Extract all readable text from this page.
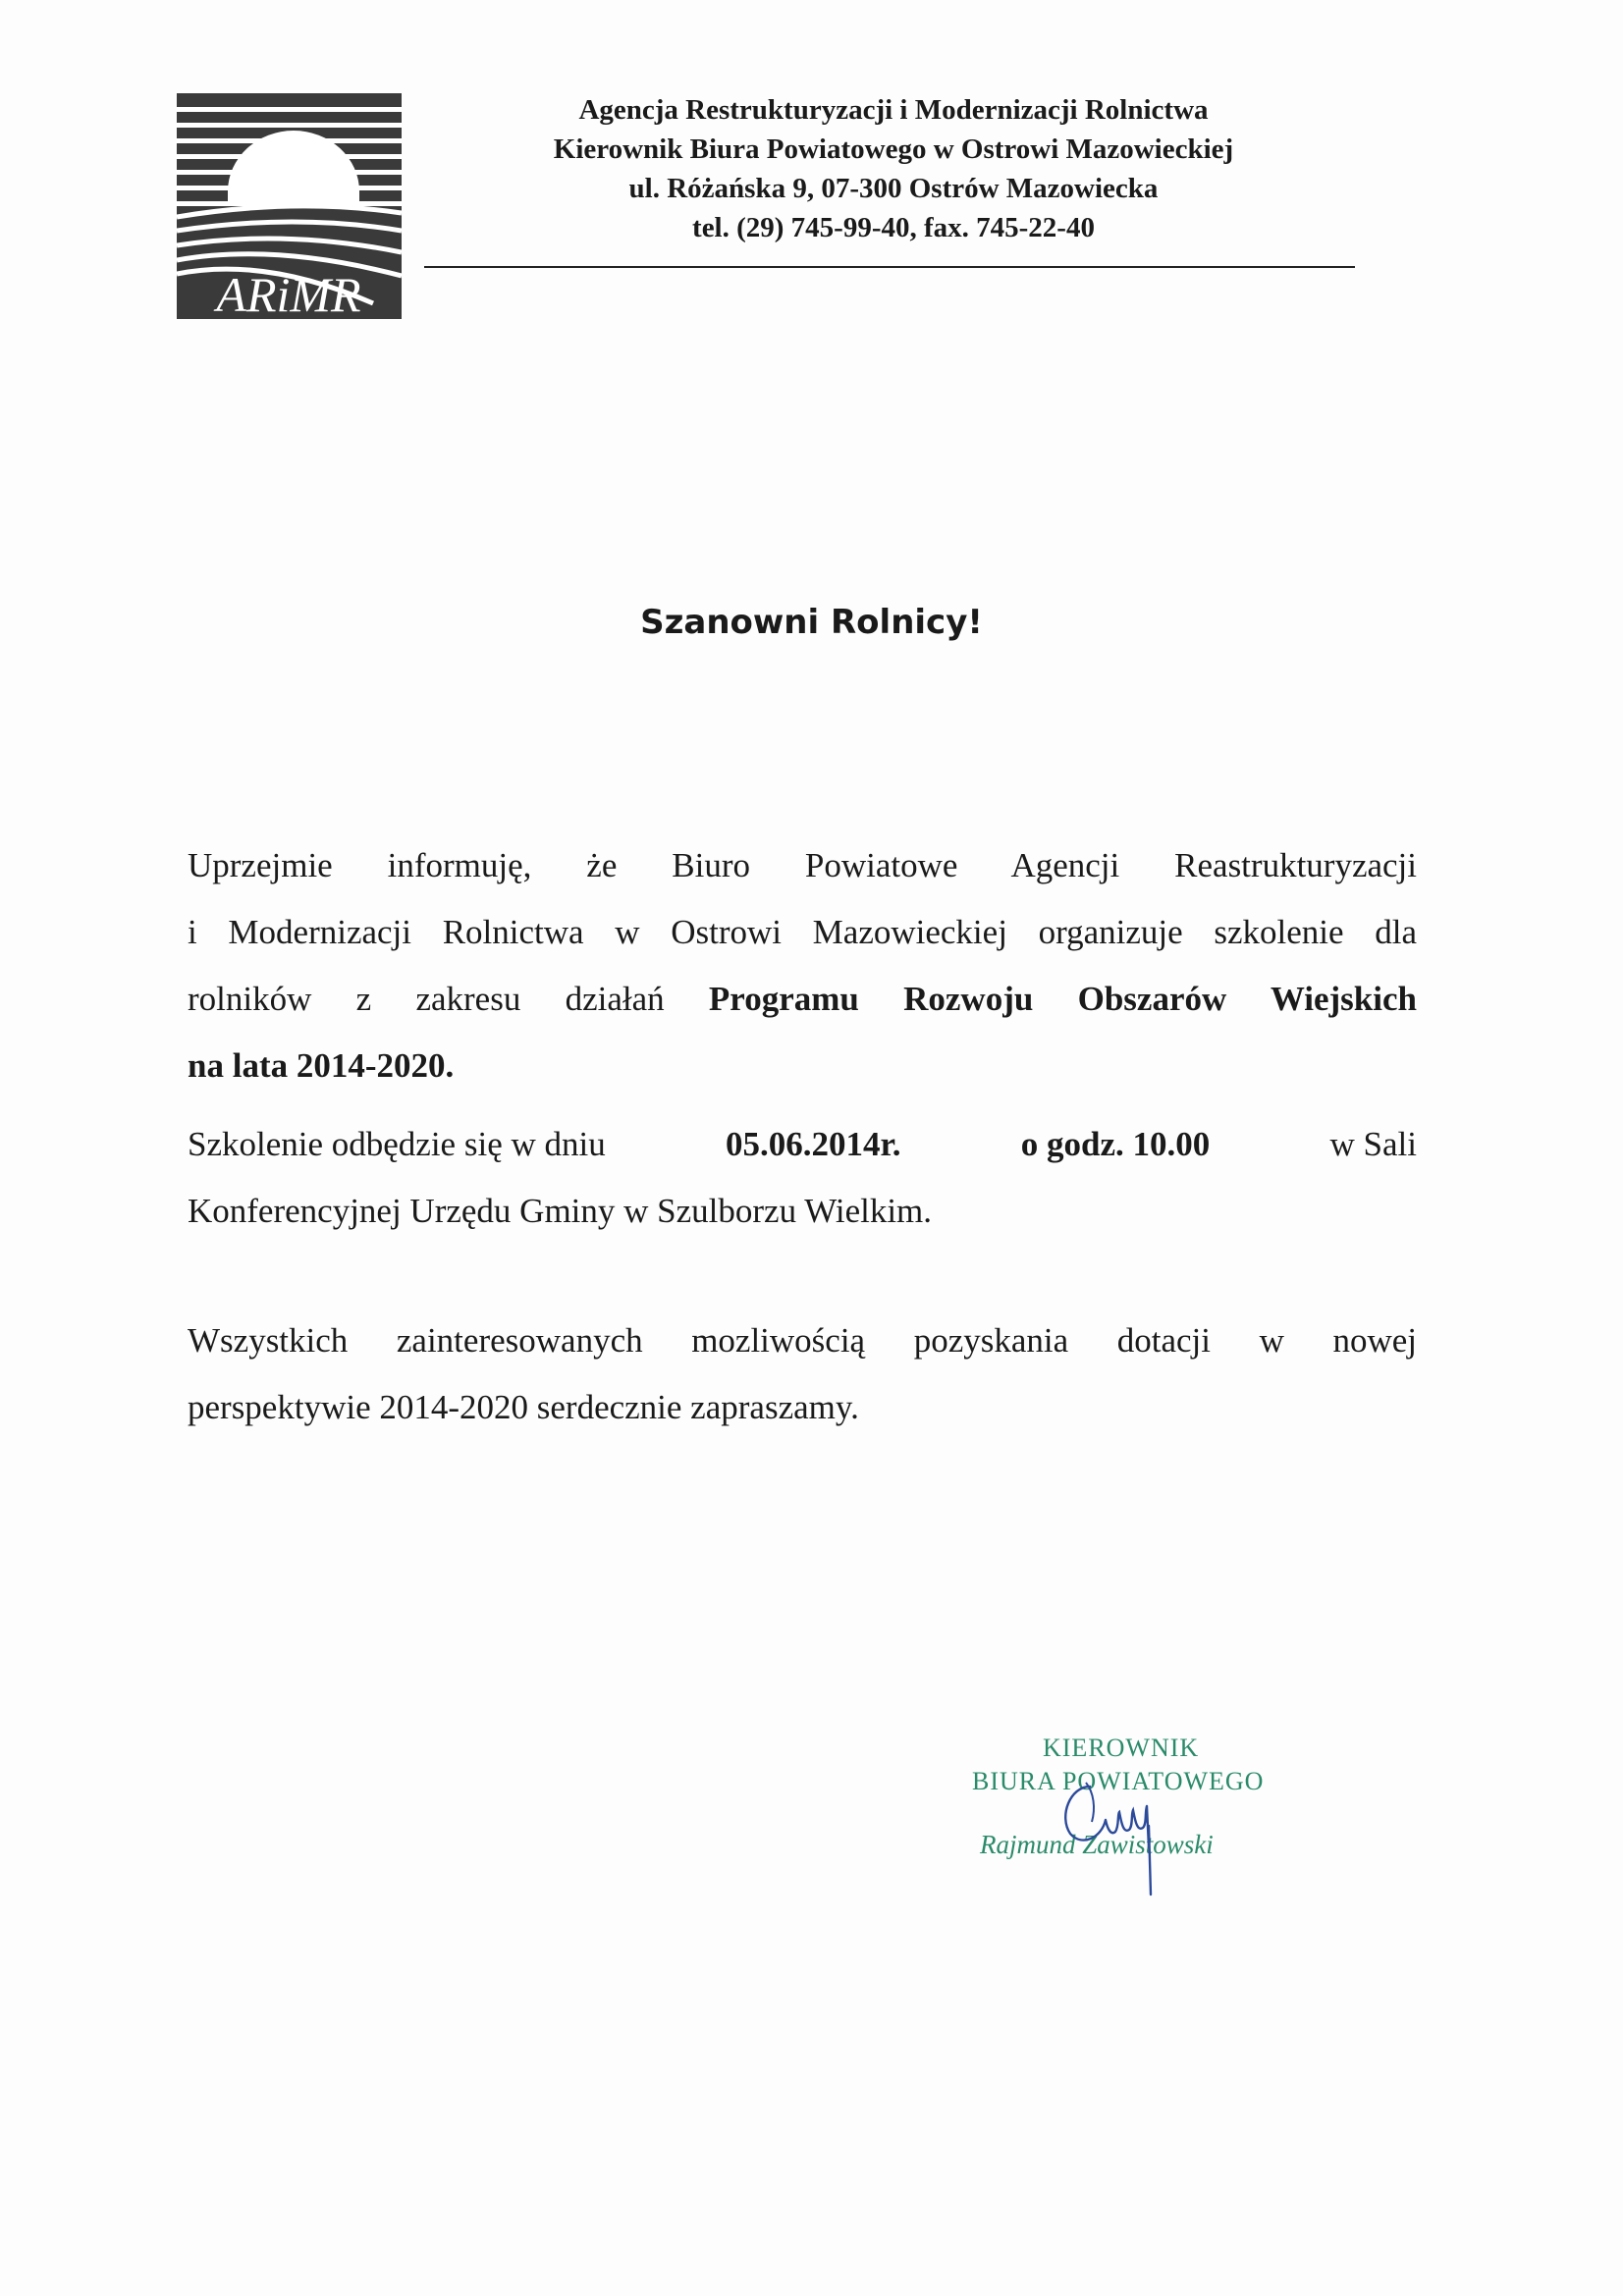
ARiMR
Agencja Restrukturyzacji i Modernizacji Rolnictwa
Kierownik Biura Powiatowego w Ostrowi Mazowieckiej
ul. Różańska 9, 07-300 Ostrów Mazowiecka
tel. (29) 745-99-40, fax. 745-22-40
Szanowni Rolnicy!
Uprzejmie informuję, że Biuro Powiatowe Agencji Reastrukturyzacji
i Modernizacji Rolnictwa w Ostrowi Mazowieckiej organizuje szkolenie dla
rolników z zakresu działań Programu Rozwoju Obszarów Wiejskich
na lata 2014-2020.
Szkolenie odbędzie się w dniu	05.06.2014r.	o godz. 10.00	w Sali
Konferencyjnej Urzędu Gminy w Szulborzu Wielkim.
Wszystkich zainteresowanych mozliwością pozyskania dotacji w nowej
perspektywie 2014-2020 serdecznie zapraszamy.
KIEROWNIK
BIURA POWIATOWEGO
Rajmund Zawistowski
